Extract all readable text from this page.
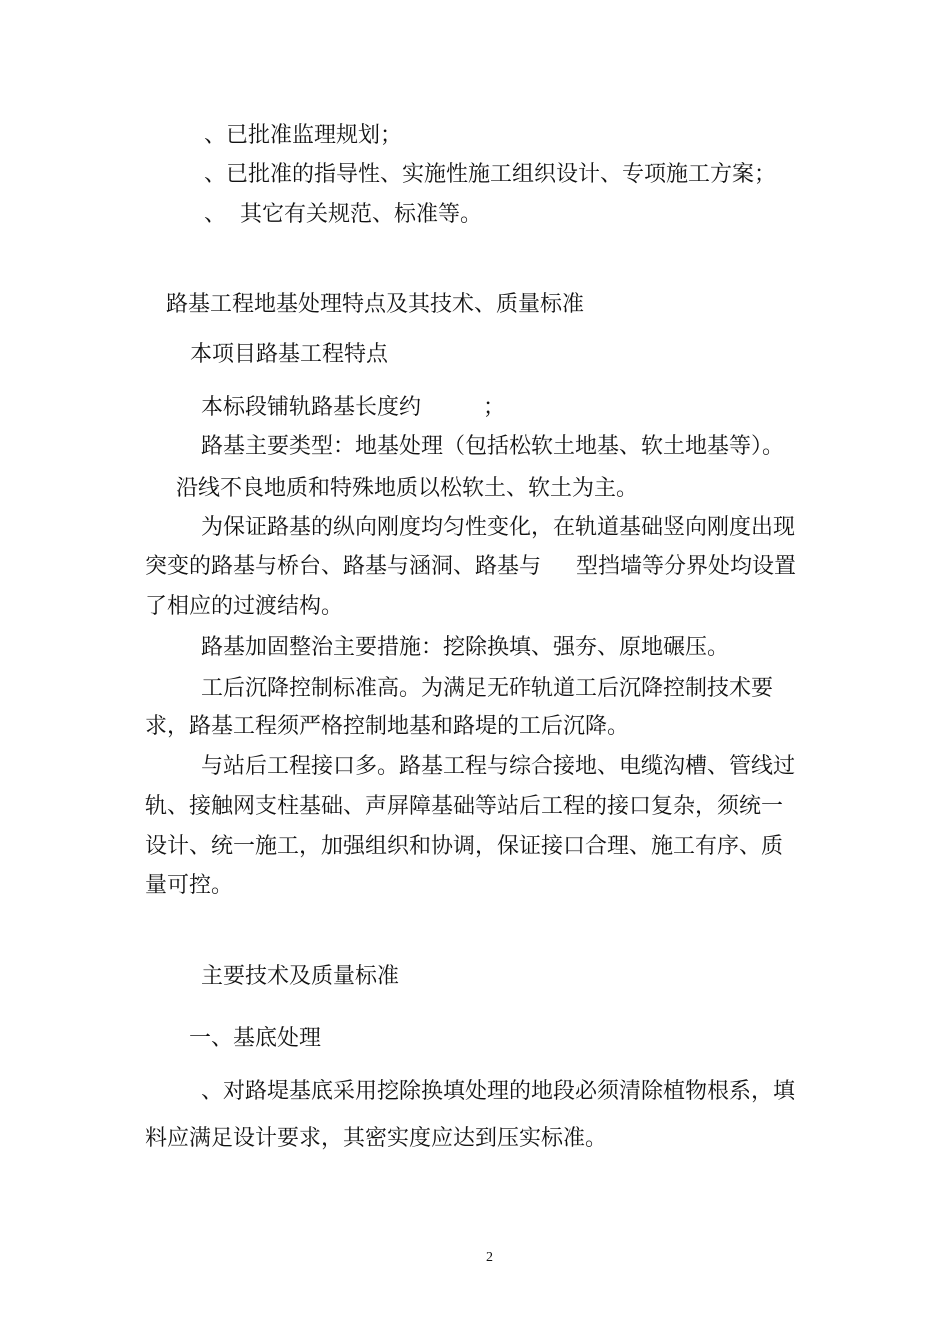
、已批准监理规划；
、已批准的指导性、实施性施工组织设计、专项施工方案；
、  其它有关规范、标准等。
路基工程地基处理特点及其技术、质量标准
本项目路基工程特点
本标段铺轨路基长度约	；
路基主要类型：地基处理（包括松软土地基、软土地基等）。
沿线不良地质和特殊地质以松软土、软土为主。
为保证路基的纵向刚度均匀性变化，在轨道基础竖向刚度出现
突变的路基与桥台、路基与涵洞、路基与     型挡墙等分界处均设置
了相应的过渡结构。
路基加固整治主要措施：挖除换填、强夯、原地碾压。
工后沉降控制标准高。为满足无砟轨道工后沉降控制技术要
求，路基工程须严格控制地基和路堤的工后沉降。
与站后工程接口多。路基工程与综合接地、电缆沟槽、管线过
轨、接触网支柱基础、声屏障基础等站后工程的接口复杂，须统一
设计、统一施工，加强组织和协调，保证接口合理、施工有序、质
量可控。
主要技术及质量标准
一、基底处理
、对路堤基底采用挖除换填处理的地段必须清除植物根系，填
料应满足设计要求，其密实度应达到压实标准。
2
